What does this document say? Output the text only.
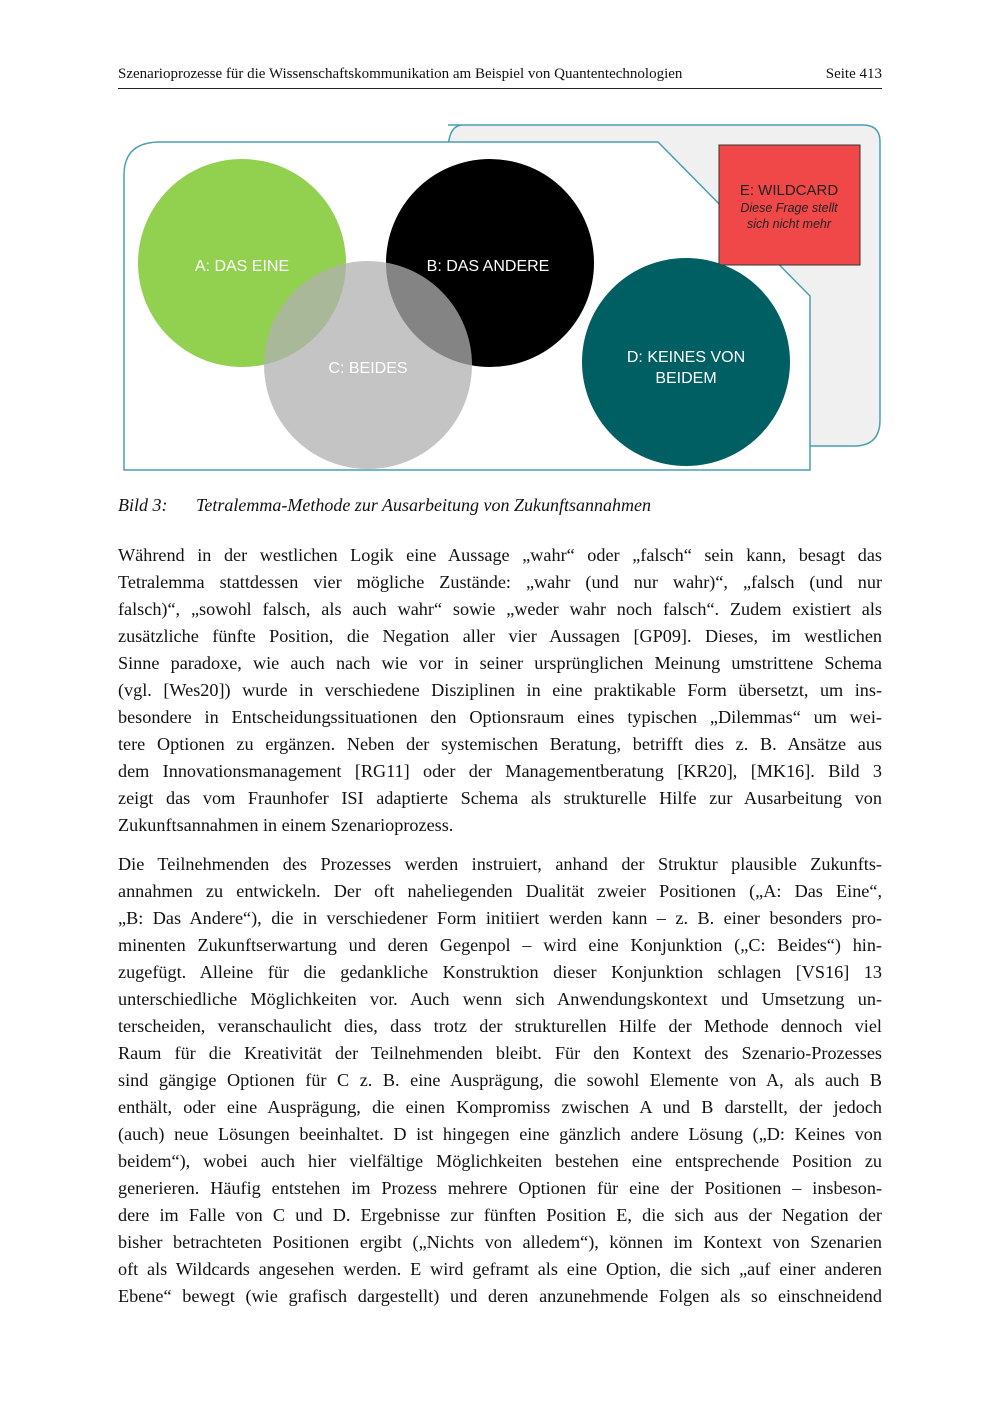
Szenarioprozesse für die Wissenschaftskommunikation am Beispiel von Quantentechnologien	Seite 413
A: DAS EINE	B: DAS ANDERE
C: BEIDES
D: KEINES VON
BEIDEM
E: WILDCARD
Diese Frage stellt
sich nicht mehr
Bild 3: Tetralemma-Methode zur Ausarbeitung von Zukunftsannahmen
Während in der westlichen Logik eine Aussage „wahr“ oder „falsch“ sein kann, besagt das
Tetralemma stattdessen vier mögliche Zustände: „wahr (und nur wahr)“, „falsch (und nur
falsch)“, „sowohl falsch, als auch wahr“ sowie „weder wahr noch falsch“. Zudem existiert als
zusätzliche fünfte Position, die Negation aller vier Aussagen [GP09]. Dieses, im westlichen
Sinne paradoxe, wie auch nach wie vor in seiner ursprünglichen Meinung umstrittene Schema
(vgl. [Wes20]) wurde in verschiedene Disziplinen in eine praktikable Form übersetzt, um ins-
besondere in Entscheidungssituationen den Optionsraum eines typischen „Dilemmas“ um wei-
tere Optionen zu ergänzen. Neben der systemischen Beratung, betrifft dies z. B. Ansätze aus
dem Innovationsmanagement [RG11] oder der Managementberatung [KR20], [MK16]. Bild 3
zeigt das vom Fraunhofer ISI adaptierte Schema als strukturelle Hilfe zur Ausarbeitung von
Zukunftsannahmen in einem Szenarioprozess.
Die Teilnehmenden des Prozesses werden instruiert, anhand der Struktur plausible Zukunfts-
annahmen zu entwickeln. Der oft naheliegenden Dualität zweier Positionen („A: Das Eine“,
„B: Das Andere“), die in verschiedener Form initiiert werden kann – z. B. einer besonders pro-
minenten Zukunftserwartung und deren Gegenpol – wird eine Konjunktion („C: Beides“) hin-
zugefügt. Alleine für die gedankliche Konstruktion dieser Konjunktion schlagen [VS16] 13
unterschiedliche Möglichkeiten vor. Auch wenn sich Anwendungskontext und Umsetzung un-
terscheiden, veranschaulicht dies, dass trotz der strukturellen Hilfe der Methode dennoch viel
Raum für die Kreativität der Teilnehmenden bleibt. Für den Kontext des Szenario-Prozesses
sind gängige Optionen für C z. B. eine Ausprägung, die sowohl Elemente von A, als auch B
enthält, oder eine Ausprägung, die einen Kompromiss zwischen A und B darstellt, der jedoch
(auch) neue Lösungen beeinhaltet. D ist hingegen eine gänzlich andere Lösung („D: Keines von
beidem“), wobei auch hier vielfältige Möglichkeiten bestehen eine entsprechende Position zu
generieren. Häufig entstehen im Prozess mehrere Optionen für eine der Positionen – insbeson-
dere im Falle von C und D. Ergebnisse zur fünften Position E, die sich aus der Negation der
bisher betrachteten Positionen ergibt („Nichts von alledem“), können im Kontext von Szenarien
oft als Wildcards angesehen werden. E wird geframt als eine Option, die sich „auf einer anderen
Ebene“ bewegt (wie grafisch dargestellt) und deren anzunehmende Folgen als so einschneidend
